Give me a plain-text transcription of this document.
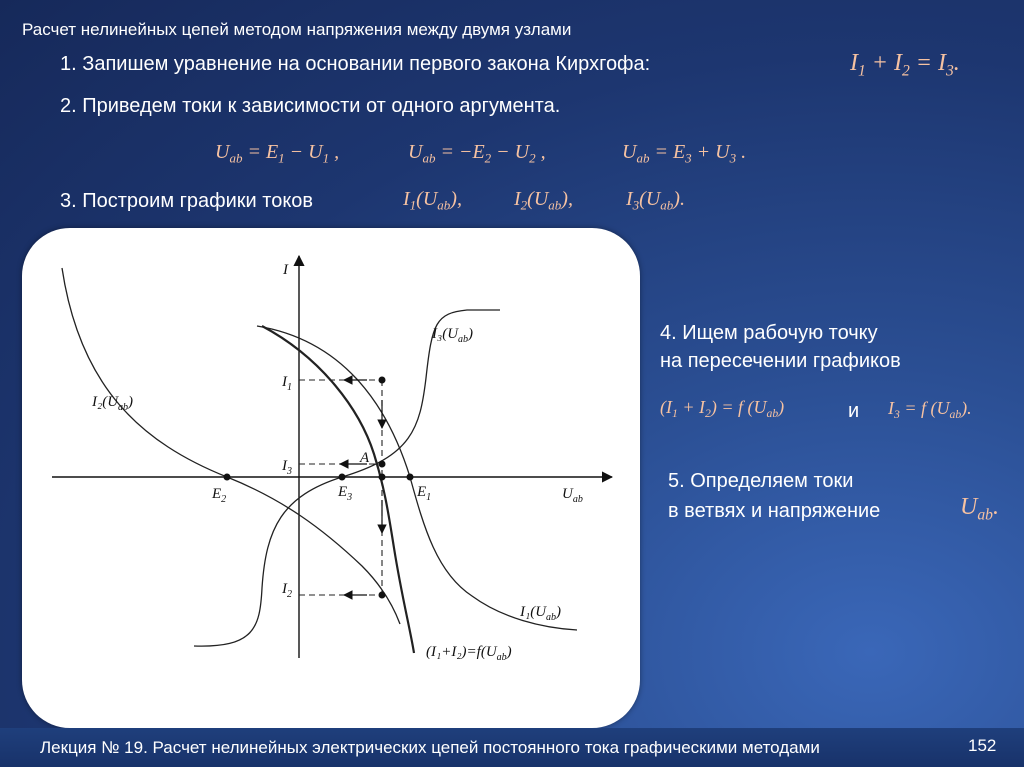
Расчет нелинейных цепей методом напряжения между двумя узлами
1. Запишем уравнение на основании первого закона Кирхгофа:	$I_1 + I_2 = I_3$.
2. Приведем токи к зависимости от одного аргумента.
$U_{ab} = E_1 - U_1$ ,	$U_{ab} = -E_2 - U_2$ ,	$U_{ab} = E_3 + U_3$ .
3. Построим графики токов	$I_1(U_{ab})$,	$I_2(U_{ab})$,	$I_3(U_{ab})$.
I
$U_{ab}$
$I_1$
$I_3$
$I_2$
$E_2$	$E_3$	$E_1$
A
$I_2(U_{ab})$
$I_3(U_{ab})$
$I_1(U_{ab})$
$(I_1+I_2)=f(U_{ab})$
4. Ищем рабочую точку
на пересечении графиков
$(I_1 + I_2) = f$ $(U_{ab})$	и $I_3 = f$ $(U_{ab})$.
5. Определяем токи
в ветвях и напряжение	$U_{ab}$.
Лекция № 19. Расчет нелинейных электрических цепей постоянного тока графическими методами	152
